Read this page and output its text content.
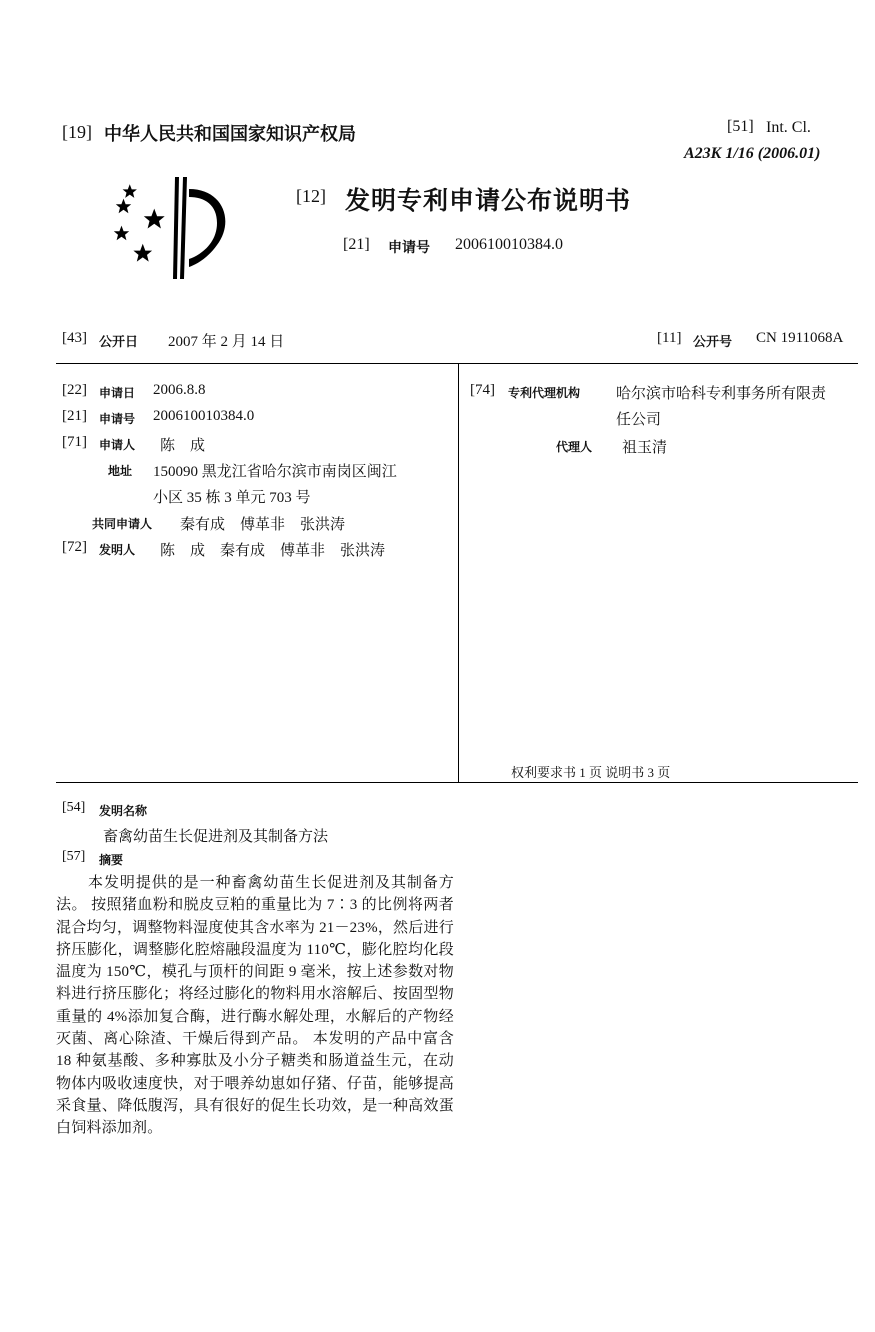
[19] 中华人民共和国国家知识产权局	[51] Int. Cl.
A23K 1/16 (2006.01)
[12] 发明专利申请公布说明书
[21] 申请号 200610010384.0
[43] 公开日 2007 年 2 月 14 日	[11] 公开号 CN 1911068A
[22] 申请日 2006.8.8
[21] 申请号 200610010384.0
[71] 申请人 陈　成
地址 150090 黑龙江省哈尔滨市南岗区闽江
小区 35 栋 3 单元 703 号
共同申请人 秦有成　傅革非　张洪涛
[72] 发明人 陈　成　秦有成　傅革非　张洪涛
[74] 专利代理机构 哈尔滨市哈科专利事务所有限责
任公司
代理人 祖玉清
权利要求书 1 页 说明书 3 页
[54] 发明名称
畜禽幼苗生长促进剂及其制备方法
[57] 摘要
本发明提供的是一种畜禽幼苗生长促进剂及其制备方法。 按照猪血粉和脱皮豆粕的重量比为 7∶3 的比例将两者混合均匀，调整物料湿度使其含水率为 21－23%，然后进行挤压膨化，调整膨化腔熔融段温度为 110℃，膨化腔均化段温度为 150℃，模孔与顶杆的间距 9 毫米，按上述参数对物料进行挤压膨化；将经过膨化的物料用水溶解后、按固型物重量的 4%添加复合酶，进行酶水解处理，水解后的产物经灭菌、离心除渣、干燥后得到产品。 本发明的产品中富含 18 种氨基酸、多种寡肽及小分子糖类和肠道益生元，在动物体内吸收速度快，对于喂养幼崽如仔猪、仔苗，能够提高采食量、降低腹泻，具有很好的促生长功效，是一种高效蛋白饲料添加剂。
